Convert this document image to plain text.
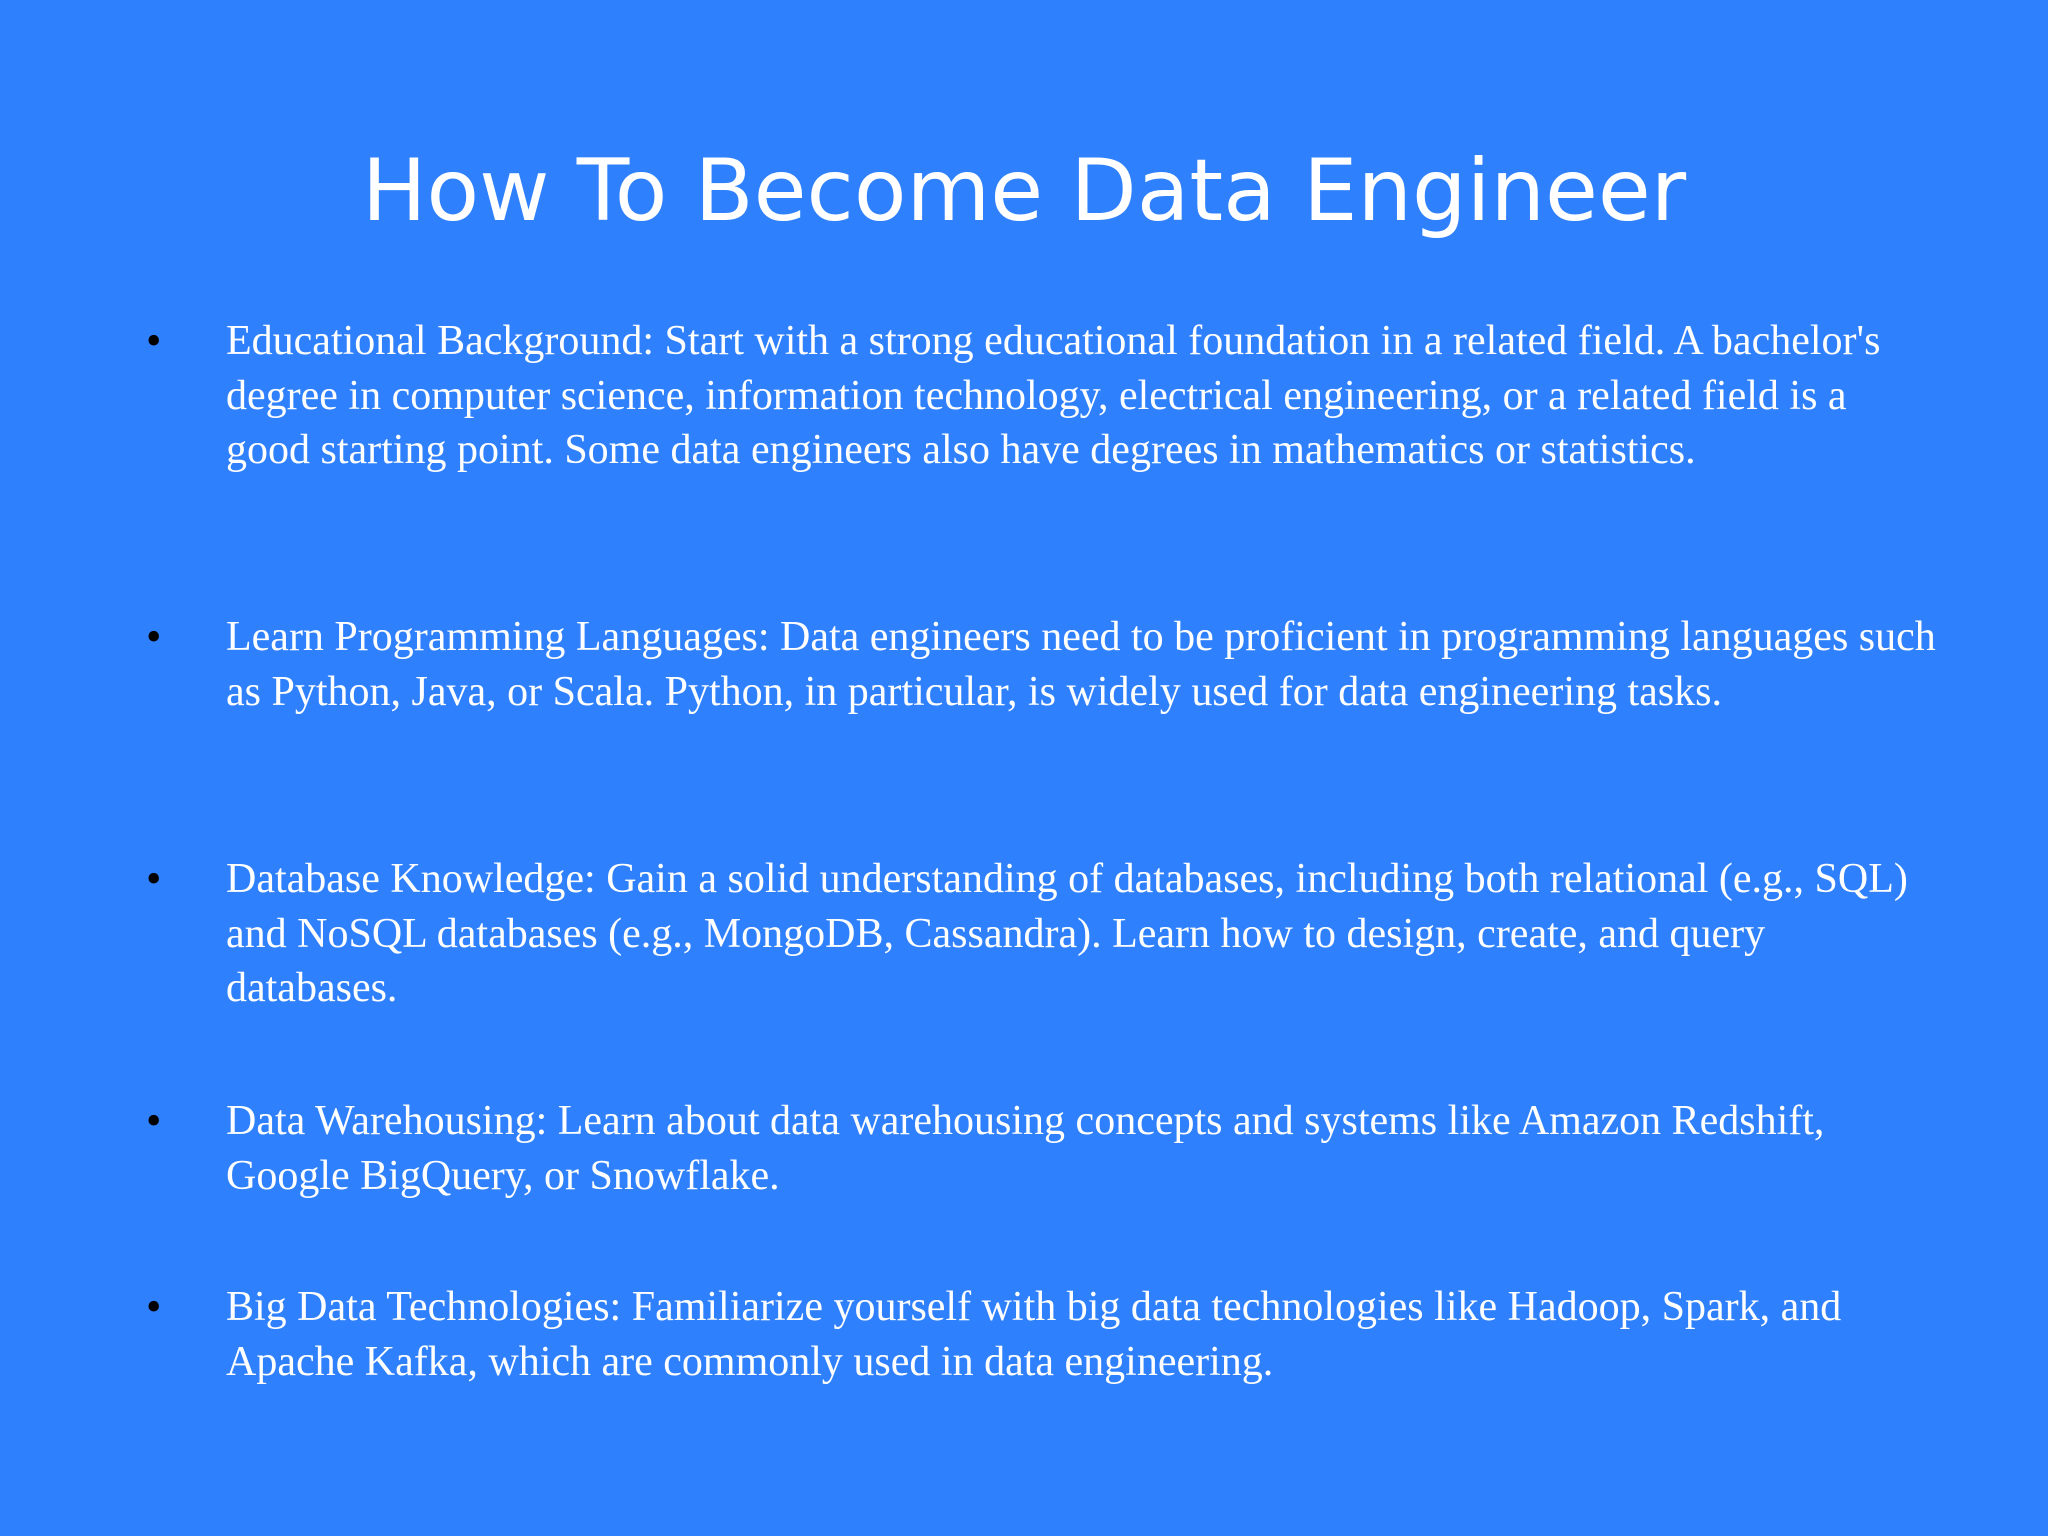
How To Become Data Engineer
• Educational Background: Start with a strong educational foundation in a related field. A bachelor's degree in computer science, information technology, electrical engineering, or a related field is a good starting point. Some data engineers also have degrees in mathematics or statistics.
• Learn Programming Languages: Data engineers need to be proficient in programming languages such as Python, Java, or Scala. Python, in particular, is widely used for data engineering tasks.
• Database Knowledge: Gain a solid understanding of databases, including both relational (e.g., SQL) and NoSQL databases (e.g., MongoDB, Cassandra). Learn how to design, create, and query databases.
• Data Warehousing: Learn about data warehousing concepts and systems like Amazon Redshift, Google BigQuery, or Snowflake.
• Big Data Technologies: Familiarize yourself with big data technologies like Hadoop, Spark, and Apache Kafka, which are commonly used in data engineering.
